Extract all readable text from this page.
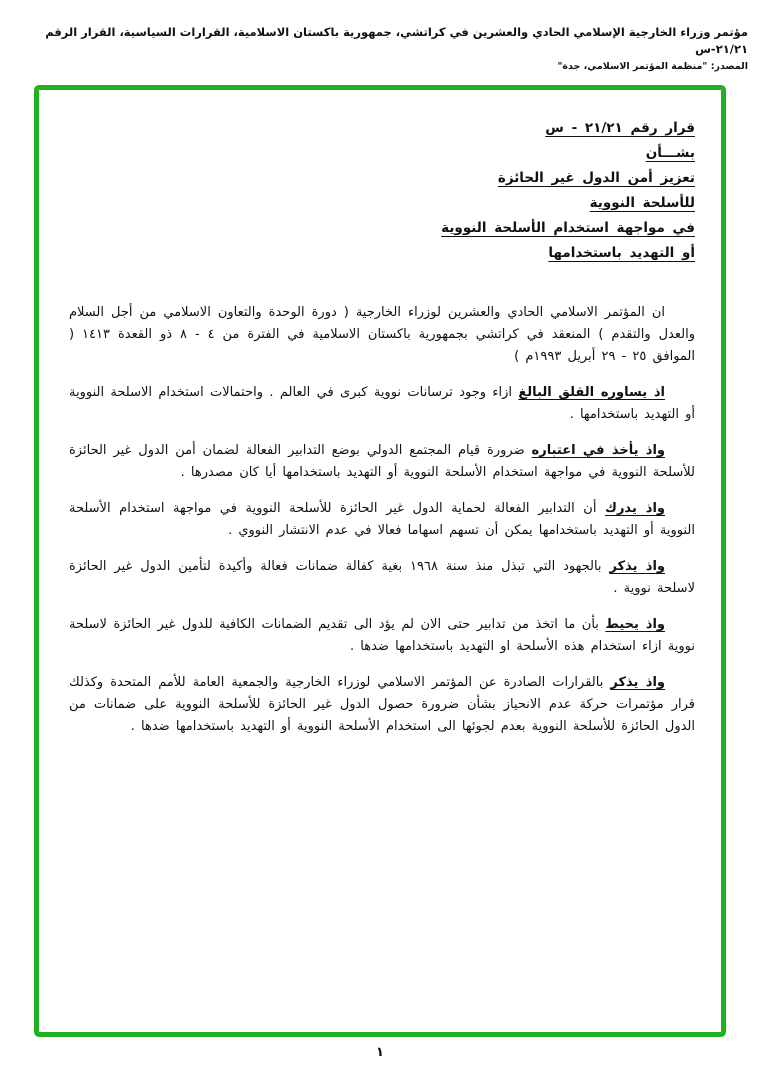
مؤتمر وزراء الخارجية الإسلامي الحادي والعشرين في كراتشي، جمهورية باكستان الاسلامية، القرارات السياسية، القرار الرقم ٢١/٢١-س
المصدر: "منظمة المؤتمر الاسلامي، جدة"
قرار رقم ٢١/٢١ - س
بشـــأن
تعزيز أمن الدول غير الحائزة
للأسلحة النووية
في مواجهة استخدام الأسلحة النووية
أو التهديد باستخدامها

ان المؤتمر الاسلامي الحادي والعشرين لوزراء الخارجية ( دورة الوحدة والتعاون الاسلامي من أجل السلام والعدل والتقدم ) المنعقد في كراتشي بجمهورية باكستان الاسلامية في الفترة من ٤ - ٨ ذو القعدة ١٤١٣ ( الموافق ٢٥ - ٢٩ أبريل ١٩٩٣م )

اذ يساوره القلق البالغ ازاء وجود ترسانات نووية كبرى في العالم . واحتمالات استخدام الاسلحة النووية أو التهديد باستخدامها .

واذ يأخذ في اعتباره ضرورة قيام المجتمع الدولي بوضع التدابير الفعالة لضمان أمن الدول غير الحائزة للأسلحة النووية في مواجهة استخدام الأسلحة النووية أو التهديد باستخدامها أيا كان مصدرها .

واذ يدرك أن التدابير الفعالة لحماية الدول غير الحائزة للأسلحة النووية في مواجهة استخدام الأسلحة النووية أو التهديد باستخدامها يمكن أن تسهم اسهاما فعالا في عدم الانتشار النووي .

واذ يذكر بالجهود التي تبذل منذ سنة ١٩٦٨ بغية كفالة ضمانات فعالة وأكيدة لتأمين الدول غير الحائزة لاسلحة نووية .

واذ يحيط بأن ما اتخذ من تدابير حتى الان لم يؤد الى تقديم الضمانات الكافية للدول غير الحائزة لاسلحة نووية ازاء استخدام هذه الأسلحة او التهديد باستخدامها ضدها .

واذ يذكر بالقرارات الصادرة عن المؤتمر الاسلامي لوزراء الخارجية والجمعية العامة للأمم المتحدة وكذلك قرار مؤتمرات حركة عدم الانحياز بشأن ضرورة حصول الدول غير الحائزة للأسلحة النووية على ضمانات من الدول الحائزة للأسلحة النووية بعدم لجوئها الى استخدام الأسلحة النووية أو التهديد باستخدامها ضدها .

١
